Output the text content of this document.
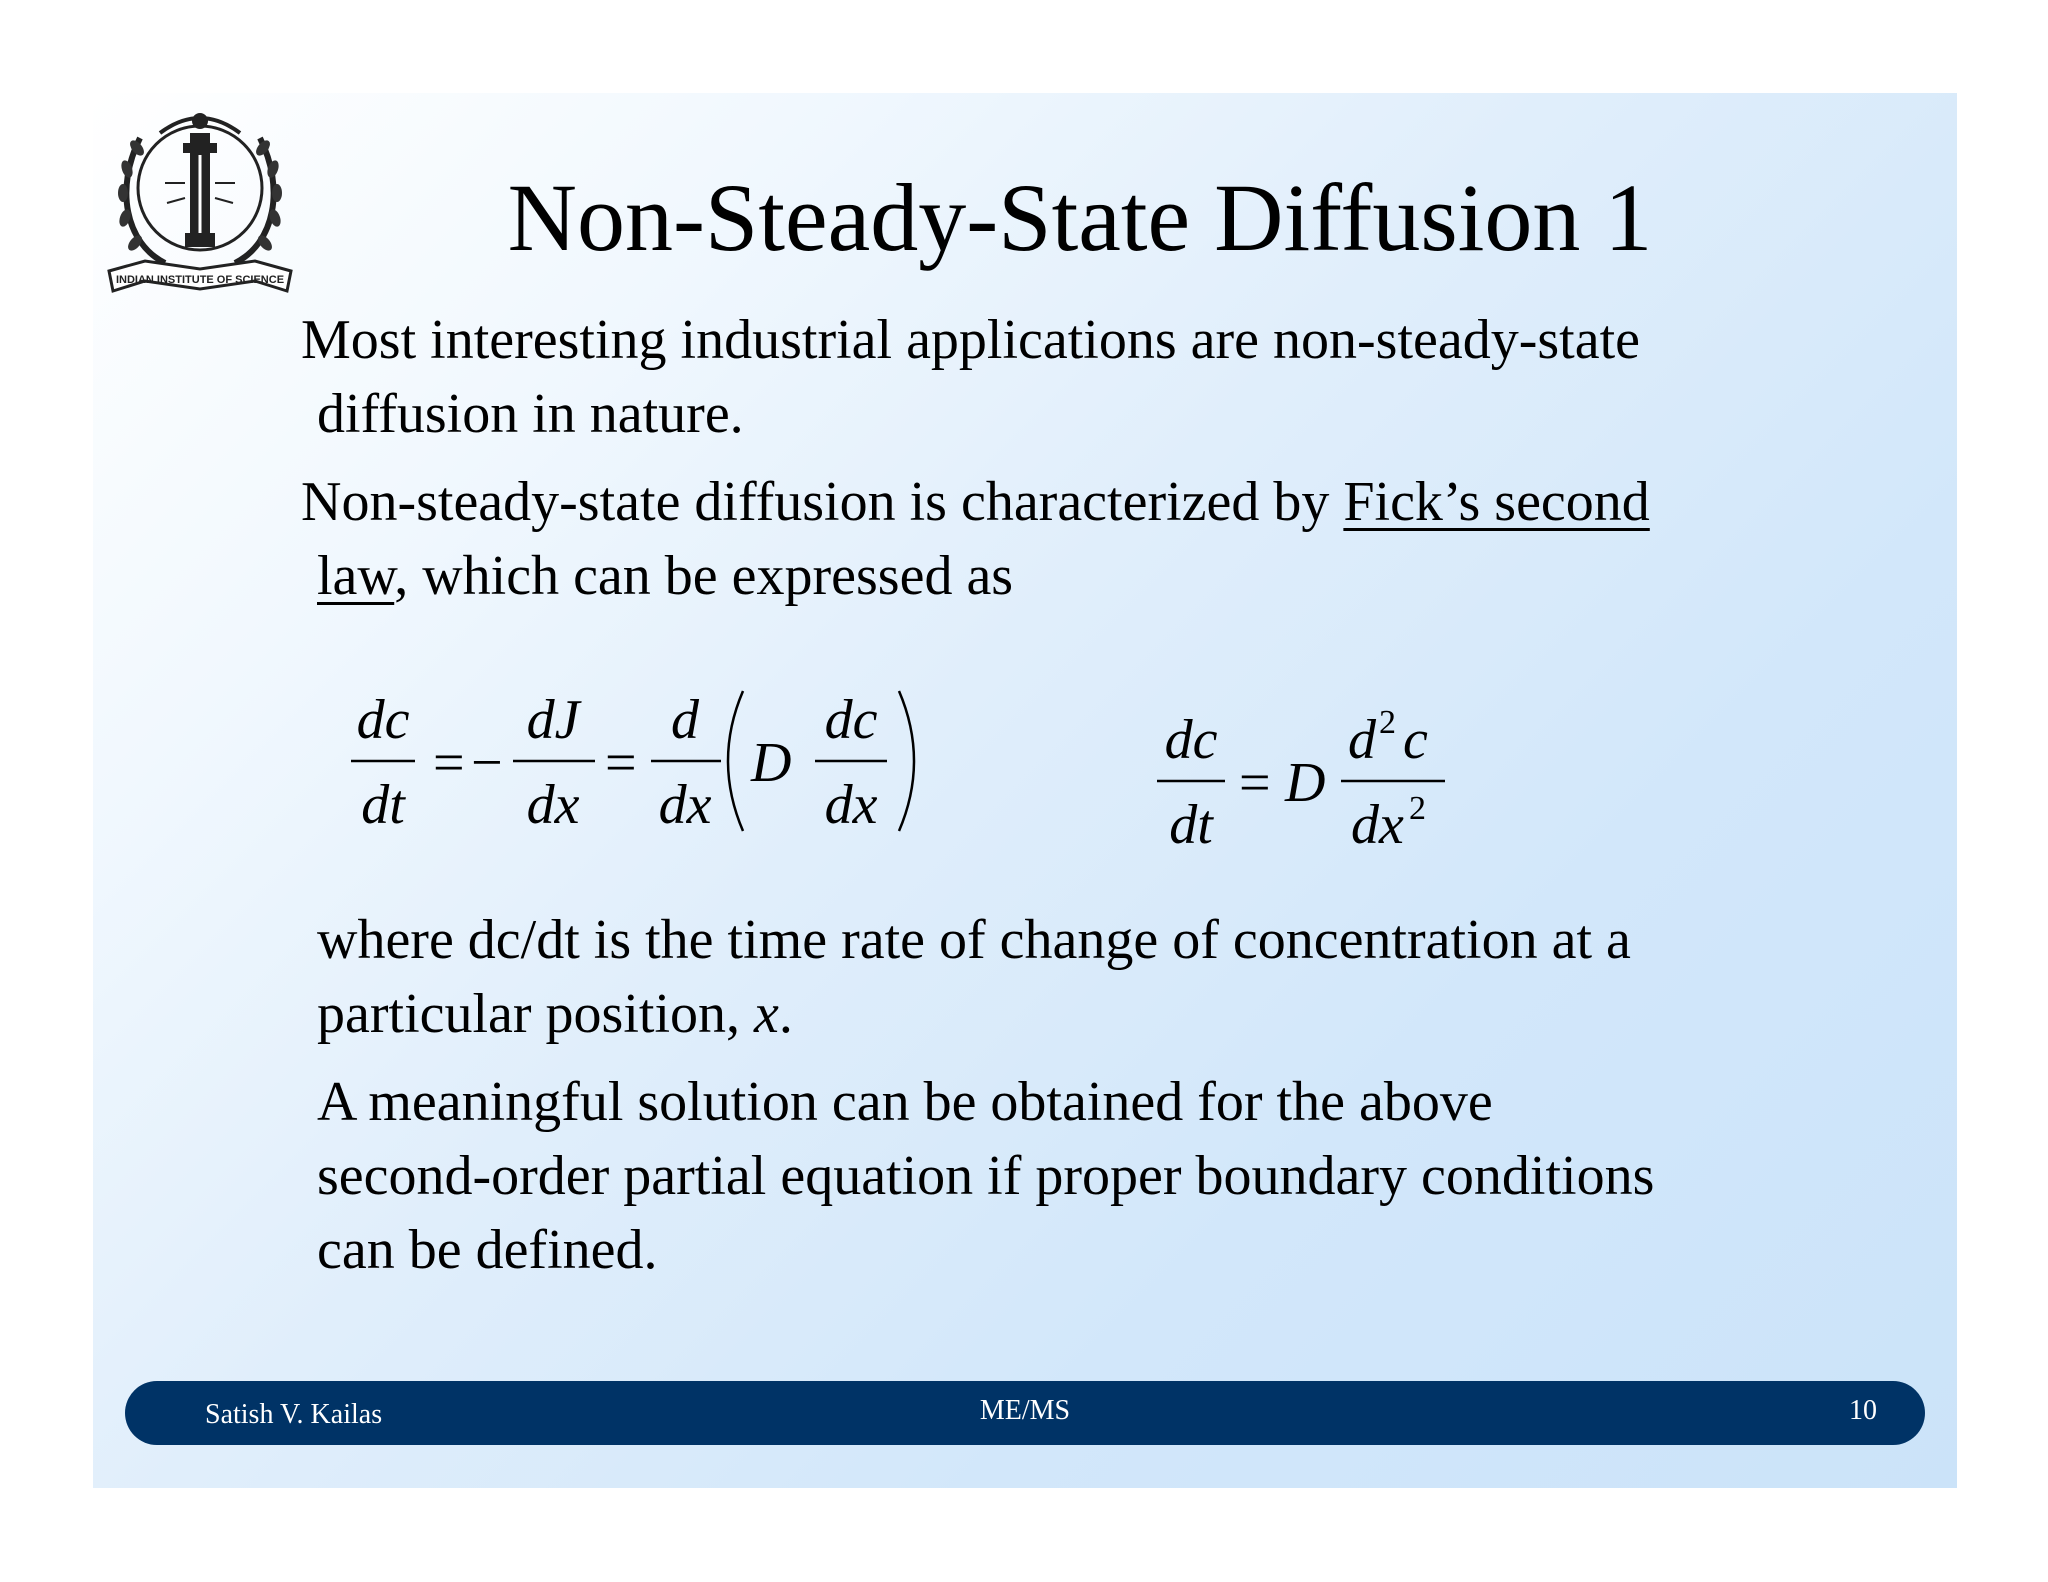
INDIAN INSTITUTE OF SCIENCE
Non-Steady-State Diffusion 1

Most interesting industrial applications are non-steady-state
diffusion in nature.

Non-steady-state diffusion is characterized by Fick’s second
law, which can be expressed as

dc
dt
= −
dJ
dx
=
d
dx
D
dc
dx
dc
dt
= D
d 2 c
dx 2

where dc/dt is the time rate of change of concentration at a
particular position, x.

A meaningful solution can be obtained for the above
second-order partial equation if proper boundary conditions
can be defined.

Satish V. Kailas	ME/MS	10
